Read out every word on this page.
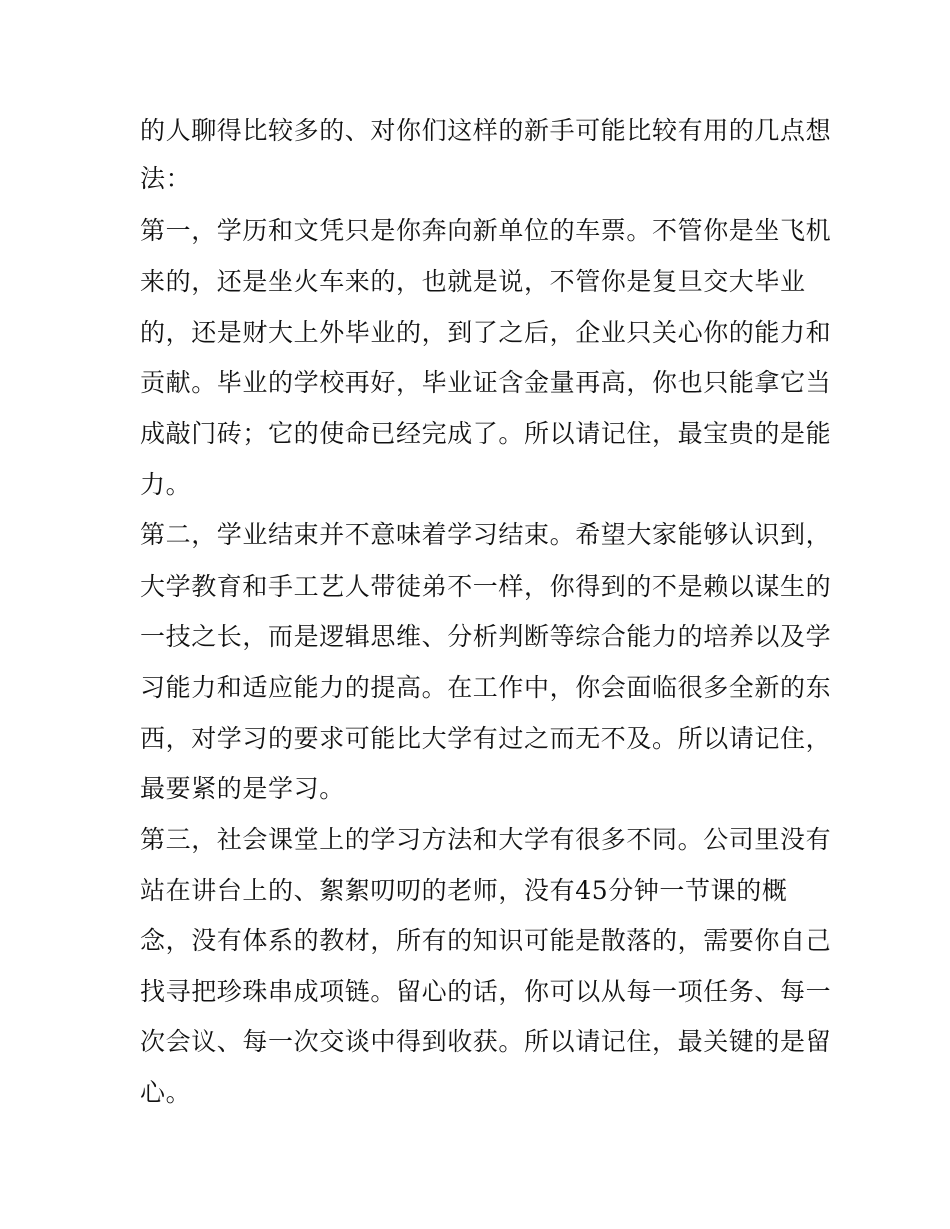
的人聊得比较多的、对你们这样的新手可能比较有用的几点想
法：
第一，学历和文凭只是你奔向新单位的车票。不管你是坐飞机
来的，还是坐火车来的，也就是说，不管你是复旦交大毕业
的，还是财大上外毕业的，到了之后，企业只关心你的能力和
贡献。毕业的学校再好，毕业证含金量再高，你也只能拿它当
成敲门砖；它的使命已经完成了。所以请记住，最宝贵的是能
力。
第二，学业结束并不意味着学习结束。希望大家能够认识到，
大学教育和手工艺人带徒弟不一样，你得到的不是赖以谋生的
一技之长，而是逻辑思维、分析判断等综合能力的培养以及学
习能力和适应能力的提高。在工作中，你会面临很多全新的东
西，对学习的要求可能比大学有过之而无不及。所以请记住，
最要紧的是学习。
第三，社会课堂上的学习方法和大学有很多不同。公司里没有
站在讲台上的、絮絮叨叨的老师，没有45分钟一节课的概
念，没有体系的教材，所有的知识可能是散落的，需要你自己
找寻把珍珠串成项链。留心的话，你可以从每一项任务、每一
次会议、每一次交谈中得到收获。所以请记住，最关键的是留
心。
